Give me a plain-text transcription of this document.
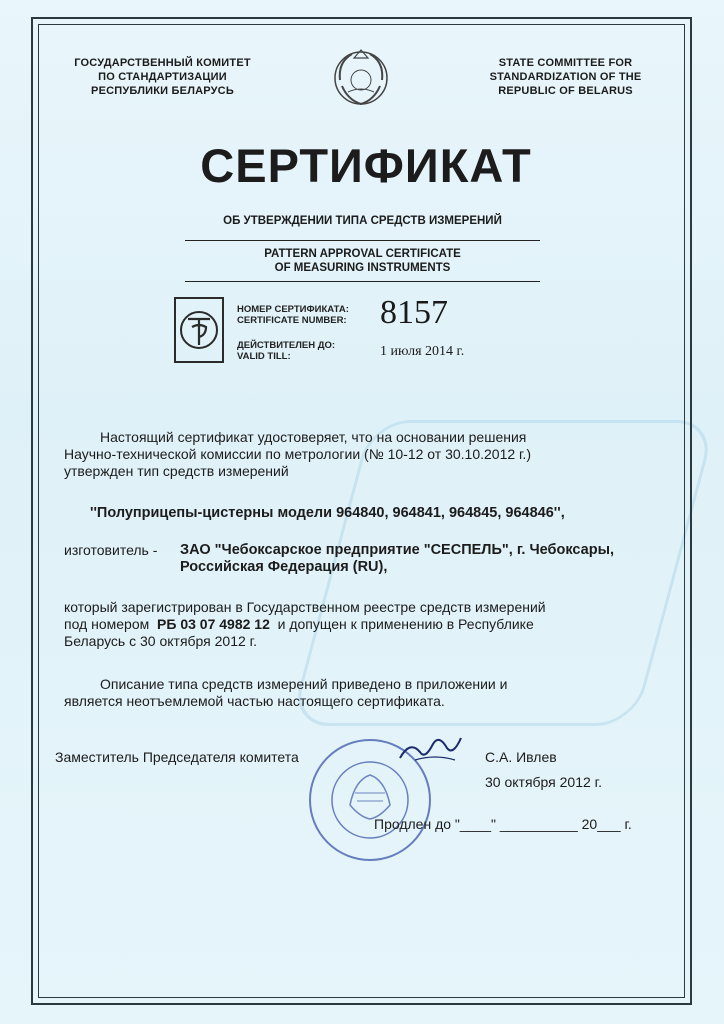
ГОСУДАРСТВЕННЫЙ КОМИТЕТ
ПО СТАНДАРТИЗАЦИИ
РЕСПУБЛИКИ БЕЛАРУСЬ
STATE COMMITTEE FOR
STANDARDIZATION OF THE
REPUBLIC OF BELARUS
СЕРТИФИКАТ
ОБ УТВЕРЖДЕНИИ ТИПА СРЕДСТВ ИЗМЕРЕНИЙ
PATTERN APPROVAL CERTIFICATE
OF MEASURING INSTRUMENTS
НОМЕР СЕРТИФИКАТА:
CERTIFICATE NUMBER: 8157
ДЕЙСТВИТЕЛЕН ДО:
VALID TILL:	1 июля 2014 г.
Настоящий сертификат удостоверяет, что на основании решения
Научно-технической комиссии по метрологии (№ 10-12 от 30.10.2012 г.)
утвержден тип средств измерений
''Полуприцепы-цистерны модели 964840, 964841, 964845, 964846'',
изготовитель - ЗАО "Чебоксарское предприятие "СЕСПЕЛЬ", г. Чебоксары,
Российская Федерация (RU),
который зарегистрирован в Государственном реестре средств измерений
под номером РБ 03 07 4982 12 и допущен к применению в Республике
Беларусь с 30 октября 2012 г.
Описание типа средств измерений приведено в приложении и
является неотъемлемой частью настоящего сертификата.
Заместитель Председателя комитета	С.А. Ивлев
30 октября 2012 г.
Продлен до "____" __________ 20___ г.
